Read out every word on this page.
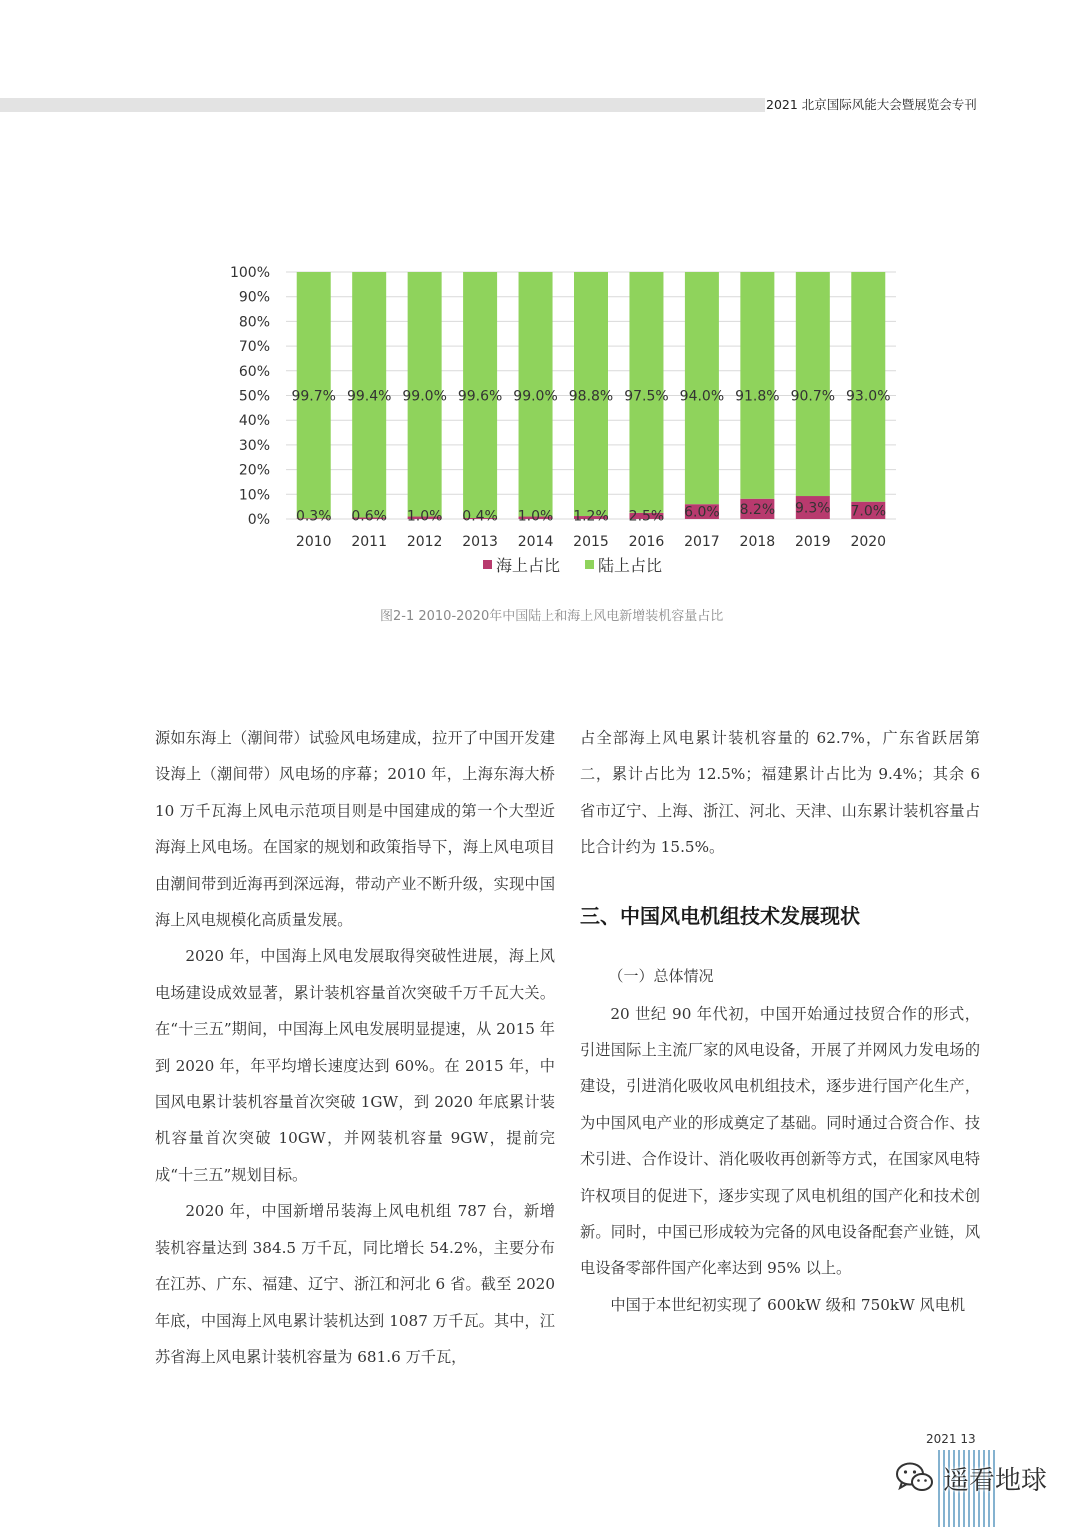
2021 北京国际风能大会暨展览会专刊
0%
10%
20%
30%
40%
50%
60%
70%
80%
90%
100%
99.7%
0.3%
2010
99.4%
0.6%
2011
99.0%
1.0%
2012
99.6%
0.4%
2013
99.0%
1.0%
2014
98.8%
1.2%
2015
97.5%
2.5%
2016
94.0%
6.0%
2017
91.8%
8.2%
2018
90.7%
9.3%
2019
93.0%
7.0%
2020
海上占比 陆上占比
图2-1 2010-2020年中国陆上和海上风电新增装机容量占比

源如东海上（潮间带）试验风电场建成，拉开了中国开发建设海上（潮间带）风电场的序幕；2010 年，上海东海大桥 10 万千瓦海上风电示范项目则是中国建成的第一个大型近海海上风电场。在国家的规划和政策指导下，海上风电项目由潮间带到近海再到深远海，带动产业不断升级，实现中国海上风电规模化高质量发展。

2020 年，中国海上风电发展取得突破性进展，海上风电场建设成效显著，累计装机容量首次突破千万千瓦大关。在“十三五”期间，中国海上风电发展明显提速，从 2015 年到 2020 年，年平均增长速度达到 60%。在 2015 年，中国风电累计装机容量首次突破 1GW，到 2020 年底累计装机容量首次突破 10GW，并网装机容量 9GW，提前完成“十三五”规划目标。

2020 年，中国新增吊装海上风电机组 787 台，新增装机容量达到 384.5 万千瓦，同比增长 54.2%，主要分布在江苏、广东、福建、辽宁、浙江和河北 6 省。截至 2020 年底，中国海上风电累计装机达到 1087 万千瓦。其中，江苏省海上风电累计装机容量为 681.6 万千瓦，

占全部海上风电累计装机容量的 62.7%，广东省跃居第二，累计占比为 12.5%；福建累计占比为 9.4%；其余 6 省市辽宁、上海、浙江、河北、天津、山东累计装机容量占比合计约为 15.5%。

三、中国风电机组技术发展现状

（一）总体情况

20 世纪 90 年代初，中国开始通过技贸合作的形式，引进国际上主流厂家的风电设备，开展了并网风力发电场的建设，引进消化吸收风电机组技术，逐步进行国产化生产，为中国风电产业的形成奠定了基础。同时通过合资合作、技术引进、合作设计、消化吸收再创新等方式，在国家风电特许权项目的促进下，逐步实现了风电机组的国产化和技术创新。同时，中国已形成较为完备的风电设备配套产业链，风电设备零部件国产化率达到 95% 以上。

中国于本世纪初实现了 600kW 级和 750kW 风电机

2021 13
遥看地球
